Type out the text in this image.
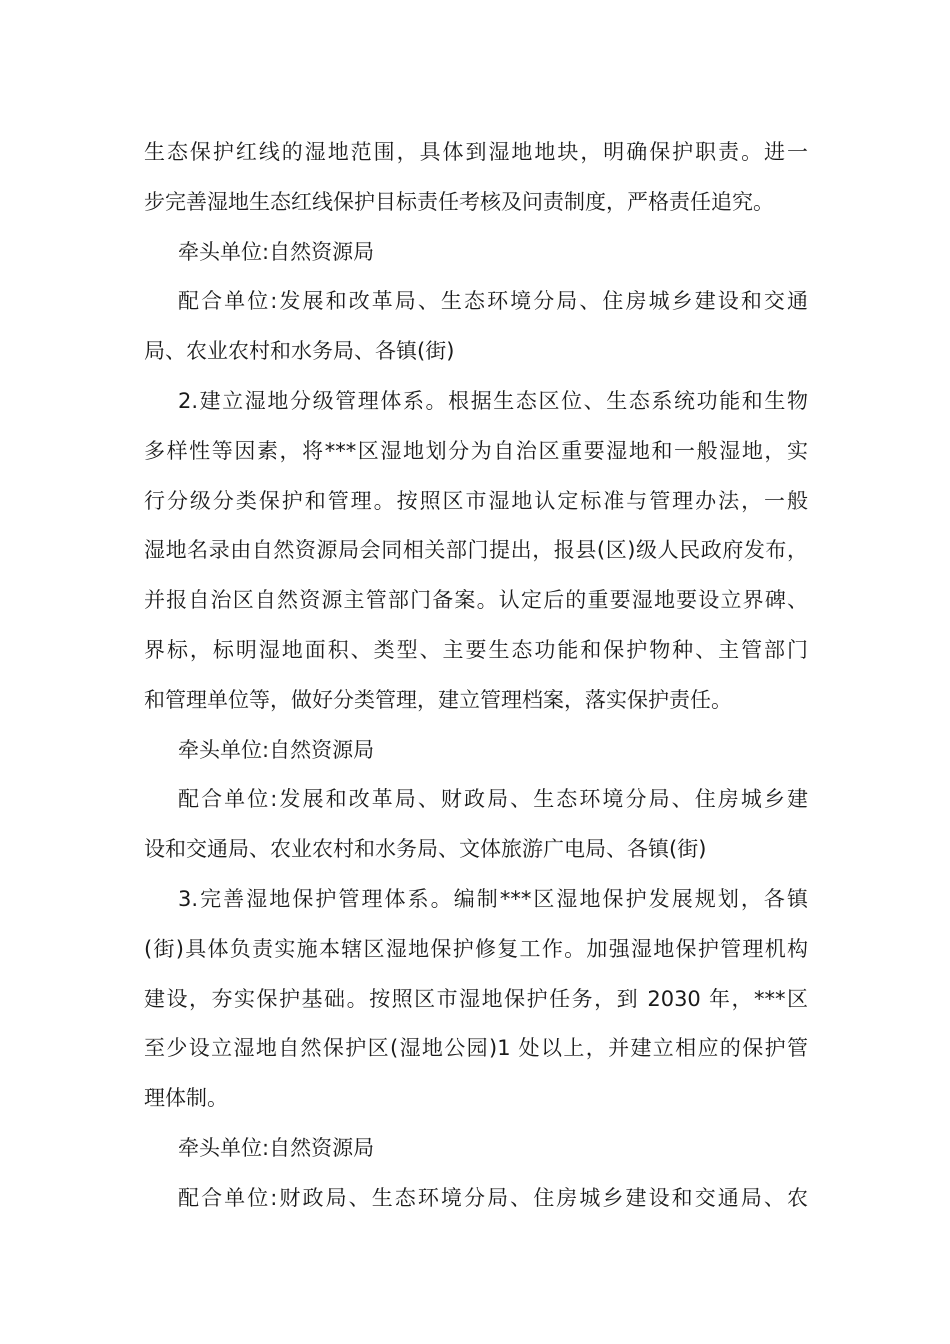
生态保护红线的湿地范围，具体到湿地地块，明确保护职责。进一
步完善湿地生态红线保护目标责任考核及问责制度，严格责任追究。
牵头单位:自然资源局
配合单位:发展和改革局、生态环境分局、住房城乡建设和交通
局、农业农村和水务局、各镇(街)
2.建立湿地分级管理体系。根据生态区位、生态系统功能和生物
多样性等因素，将***区湿地划分为自治区重要湿地和一般湿地，实
行分级分类保护和管理。按照区市湿地认定标准与管理办法，一般
湿地名录由自然资源局会同相关部门提出，报县(区)级人民政府发布，
并报自治区自然资源主管部门备案。认定后的重要湿地要设立界碑、
界标，标明湿地面积、类型、主要生态功能和保护物种、主管部门
和管理单位等，做好分类管理，建立管理档案，落实保护责任。
牵头单位:自然资源局
配合单位:发展和改革局、财政局、生态环境分局、住房城乡建
设和交通局、农业农村和水务局、文体旅游广电局、各镇(街)
3.完善湿地保护管理体系。编制***区湿地保护发展规划，各镇
(街)具体负责实施本辖区湿地保护修复工作。加强湿地保护管理机构
建设，夯实保护基础。按照区市湿地保护任务，到 2030 年，***区
至少设立湿地自然保护区(湿地公园)1 处以上，并建立相应的保护管
理体制。
牵头单位:自然资源局
配合单位:财政局、生态环境分局、住房城乡建设和交通局、农
